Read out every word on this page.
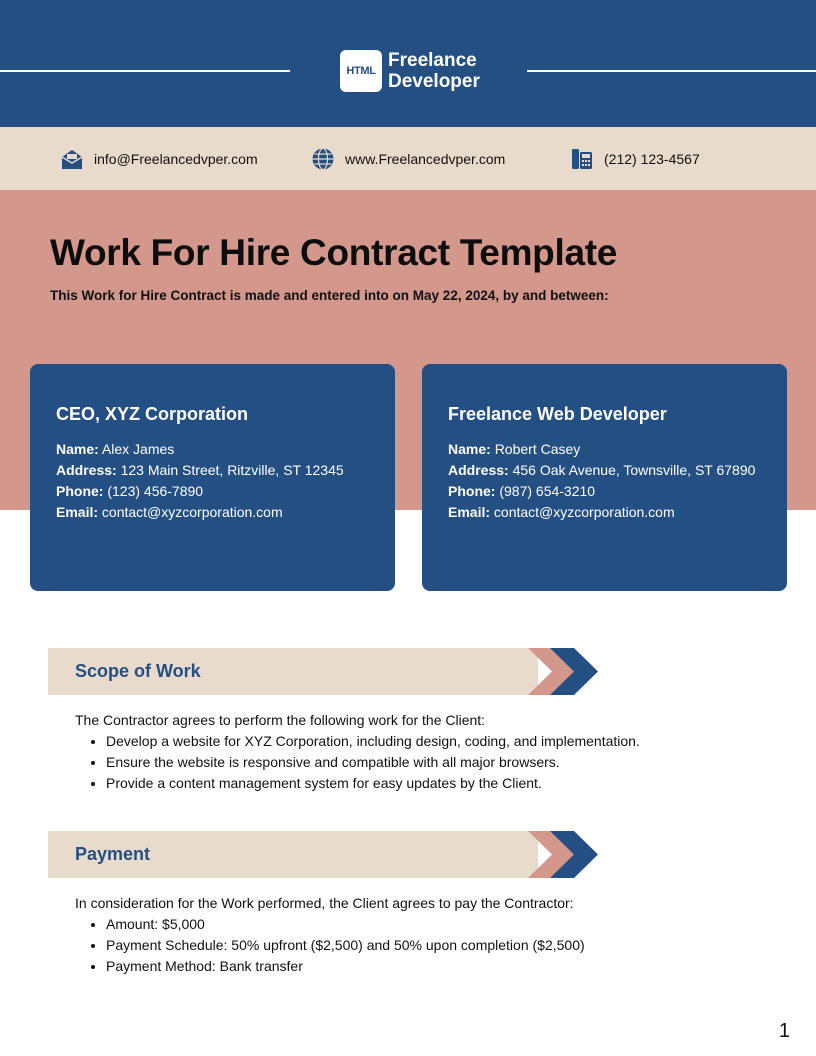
HTML Freelance
Developer
info@Freelancedvper.com	www.Freelancedvper.com	(212) 123-4567
Work For Hire Contract Template

This Work for Hire Contract is made and entered into on May 22, 2024, by and between:

CEO, XYZ Corporation
Name: Alex James
Address: 123 Main Street, Ritzville, ST 12345
Phone: (123) 456-7890
Email: contact@xyzcorporation.com
Freelance Web Developer
Name: Robert Casey
Address: 456 Oak Avenue, Townsville, ST 67890
Phone: (987) 654-3210
Email: contact@xyzcorporation.com
Scope of Work

The Contractor agrees to perform the following work for the Client:

• Develop a website for XYZ Corporation, including design, coding, and implementation.
• Ensure the website is responsive and compatible with all major browsers.
• Provide a content management system for easy updates by the Client.
Payment

In consideration for the Work performed, the Client agrees to pay the Contractor:

• Amount: $5,000
• Payment Schedule: 50% upfront ($2,500) and 50% upon completion ($2,500)
• Payment Method: Bank transfer
1
